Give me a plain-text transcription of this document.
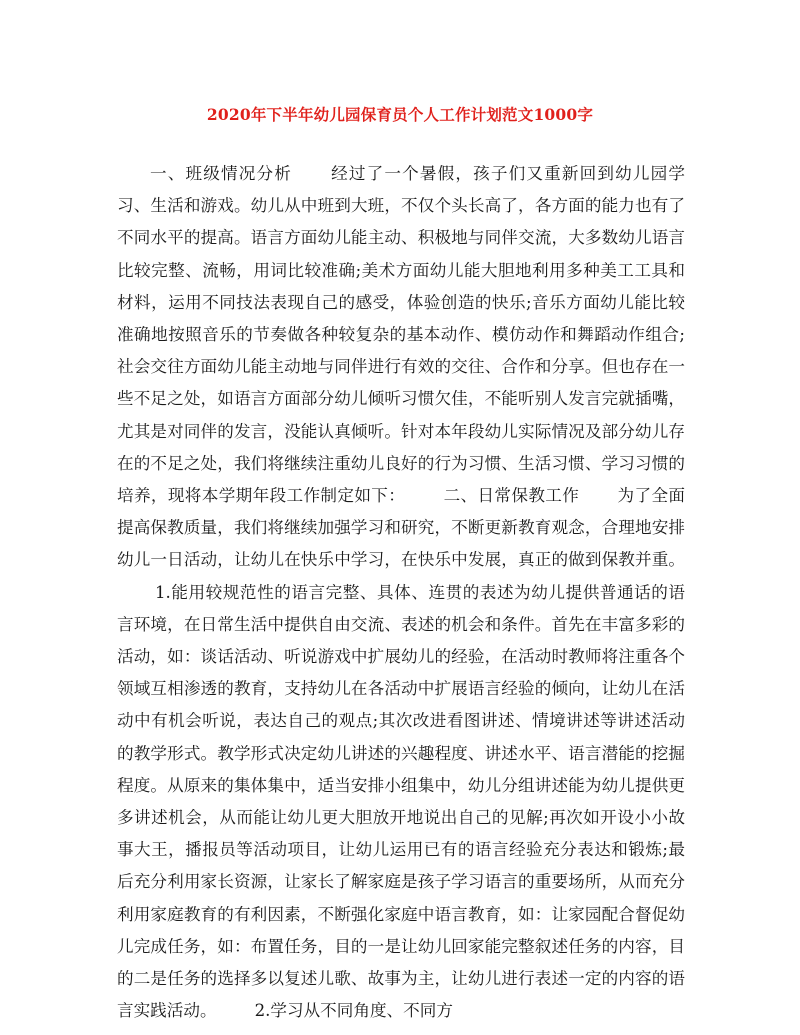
2020年下半年幼儿园保育员个人工作计划范文1000字

一、班级情况分析 经过了一个暑假，孩子们又重新回到幼儿园学习、生活和游戏。幼儿从中班到大班，不仅个头长高了，各方面的能力也有了不同水平的提高。语言方面幼儿能主动、积极地与同伴交流，大多数幼儿语言比较完整、流畅，用词比较准确;美术方面幼儿能大胆地利用多种美工工具和材料，运用不同技法表现自己的感受，体验创造的快乐;音乐方面幼儿能比较准确地按照音乐的节奏做各种较复杂的基本动作、模仿动作和舞蹈动作组合;社会交往方面幼儿能主动地与同伴进行有效的交往、合作和分享。但也存在一些不足之处，如语言方面部分幼儿倾听习惯欠佳，不能听别人发言完就插嘴，尤其是对同伴的发言，没能认真倾听。针对本年段幼儿实际情况及部分幼儿存在的不足之处，我们将继续注重幼儿良好的行为习惯、生活习惯、学习习惯的培养，现将本学期年段工作制定如下： 二、日常保教工作 为了全面提高保教质量，我们将继续加强学习和研究，不断更新教育观念，合理地安排幼儿一日活动，让幼儿在快乐中学习，在快乐中发展，真正的做到保教并重。1.能用较规范性的语言完整、具体、连贯的表述为幼儿提供普通话的语言环境，在日常生活中提供自由交流、表述的机会和条件。首先在丰富多彩的活动，如：谈话活动、听说游戏中扩展幼儿的经验，在活动时教师将注重各个领域互相渗透的教育，支持幼儿在各活动中扩展语言经验的倾向，让幼儿在活动中有机会听说，表达自己的观点;其次改进看图讲述、情境讲述等讲述活动的教学形式。教学形式决定幼儿讲述的兴趣程度、讲述水平、语言潜能的挖掘程度。从原来的集体集中，适当安排小组集中，幼儿分组讲述能为幼儿提供更多讲述机会，从而能让幼儿更大胆放开地说出自己的见解;再次如开设小小故事大王，播报员等活动项目，让幼儿运用已有的语言经验充分表达和锻炼;最后充分利用家长资源，让家长了解家庭是孩子学习语言的重要场所，从而充分利用家庭教育的有利因素，不断强化家庭中语言教育，如：让家园配合督促幼儿完成任务，如：布置任务，目的一是让幼儿回家能完整叙述任务的内容，目的二是任务的选择多以复述儿歌、故事为主，让幼儿进行表述一定的内容的语言实践活动。 2.学习从不同角度、不同方
